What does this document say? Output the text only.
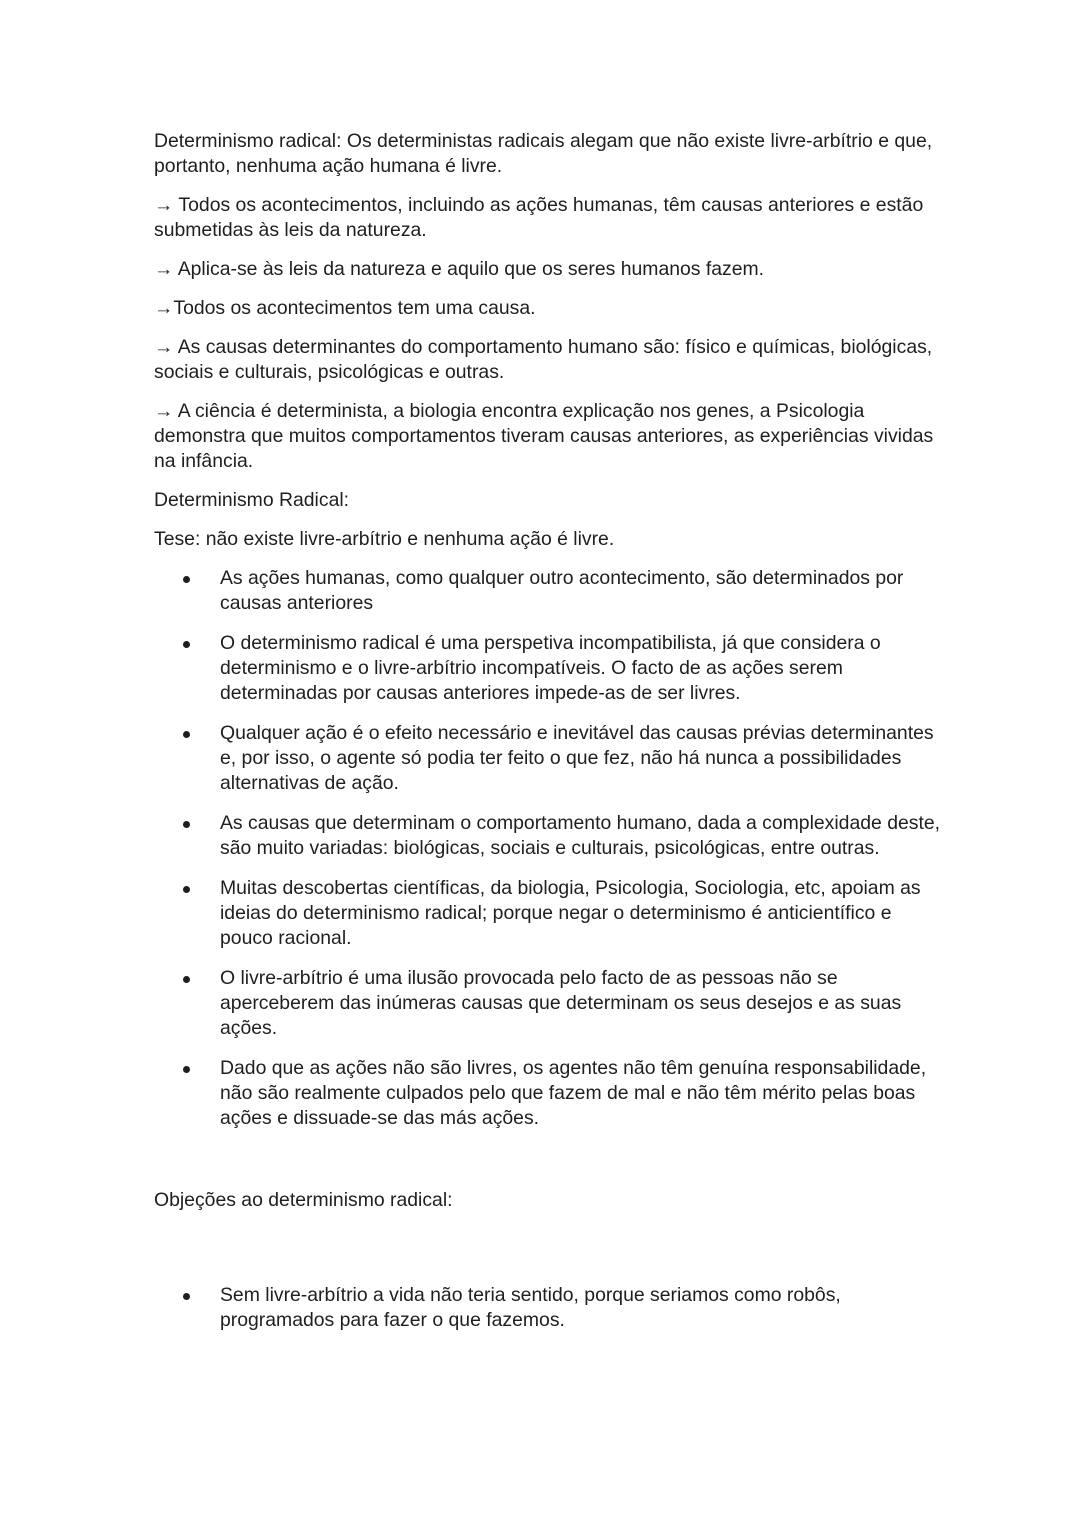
Determinismo radical: Os deterministas radicais alegam que não existe livre-arbítrio e que, portanto, nenhuma ação humana é livre.

→ Todos os acontecimentos, incluindo as ações humanas, têm causas anteriores e estão submetidas às leis da natureza.

→ Aplica-se às leis da natureza e aquilo que os seres humanos fazem.

→Todos os acontecimentos tem uma causa.

→ As causas determinantes do comportamento humano são: físico e químicas, biológicas, sociais e culturais, psicológicas e outras.

→ A ciência é determinista, a biologia encontra explicação nos genes, a Psicologia demonstra que muitos comportamentos tiveram causas anteriores, as experiências vividas na infância.

Determinismo Radical:

Tese: não existe livre-arbítrio e nenhuma ação é livre.

As ações humanas, como qualquer outro acontecimento, são determinados por causas anteriores
O determinismo radical é uma perspetiva incompatibilista, já que considera o determinismo e o livre-arbítrio incompatíveis. O facto de as ações serem determinadas por causas anteriores impede-as de ser livres.
Qualquer ação é o efeito necessário e inevitável das causas prévias determinantes e, por isso, o agente só podia ter feito o que fez, não há nunca a possibilidades alternativas de ação.
As causas que determinam o comportamento humano, dada a complexidade deste, são muito variadas: biológicas, sociais e culturais, psicológicas, entre outras.
Muitas descobertas científicas, da biologia, Psicologia, Sociologia, etc, apoiam as ideias do determinismo radical; porque negar o determinismo é anticientífico e pouco racional.
O livre-arbítrio é uma ilusão provocada pelo facto de as pessoas não se aperceberem das inúmeras causas que determinam os seus desejos e as suas ações.
Dado que as ações não são livres, os agentes não têm genuína responsabilidade, não são realmente culpados pelo que fazem de mal e não têm mérito pelas boas ações e dissuade-se das más ações.

Objeções ao determinismo radical:

Sem livre-arbítrio a vida não teria sentido, porque seriamos como robôs, programados para fazer o que fazemos.
